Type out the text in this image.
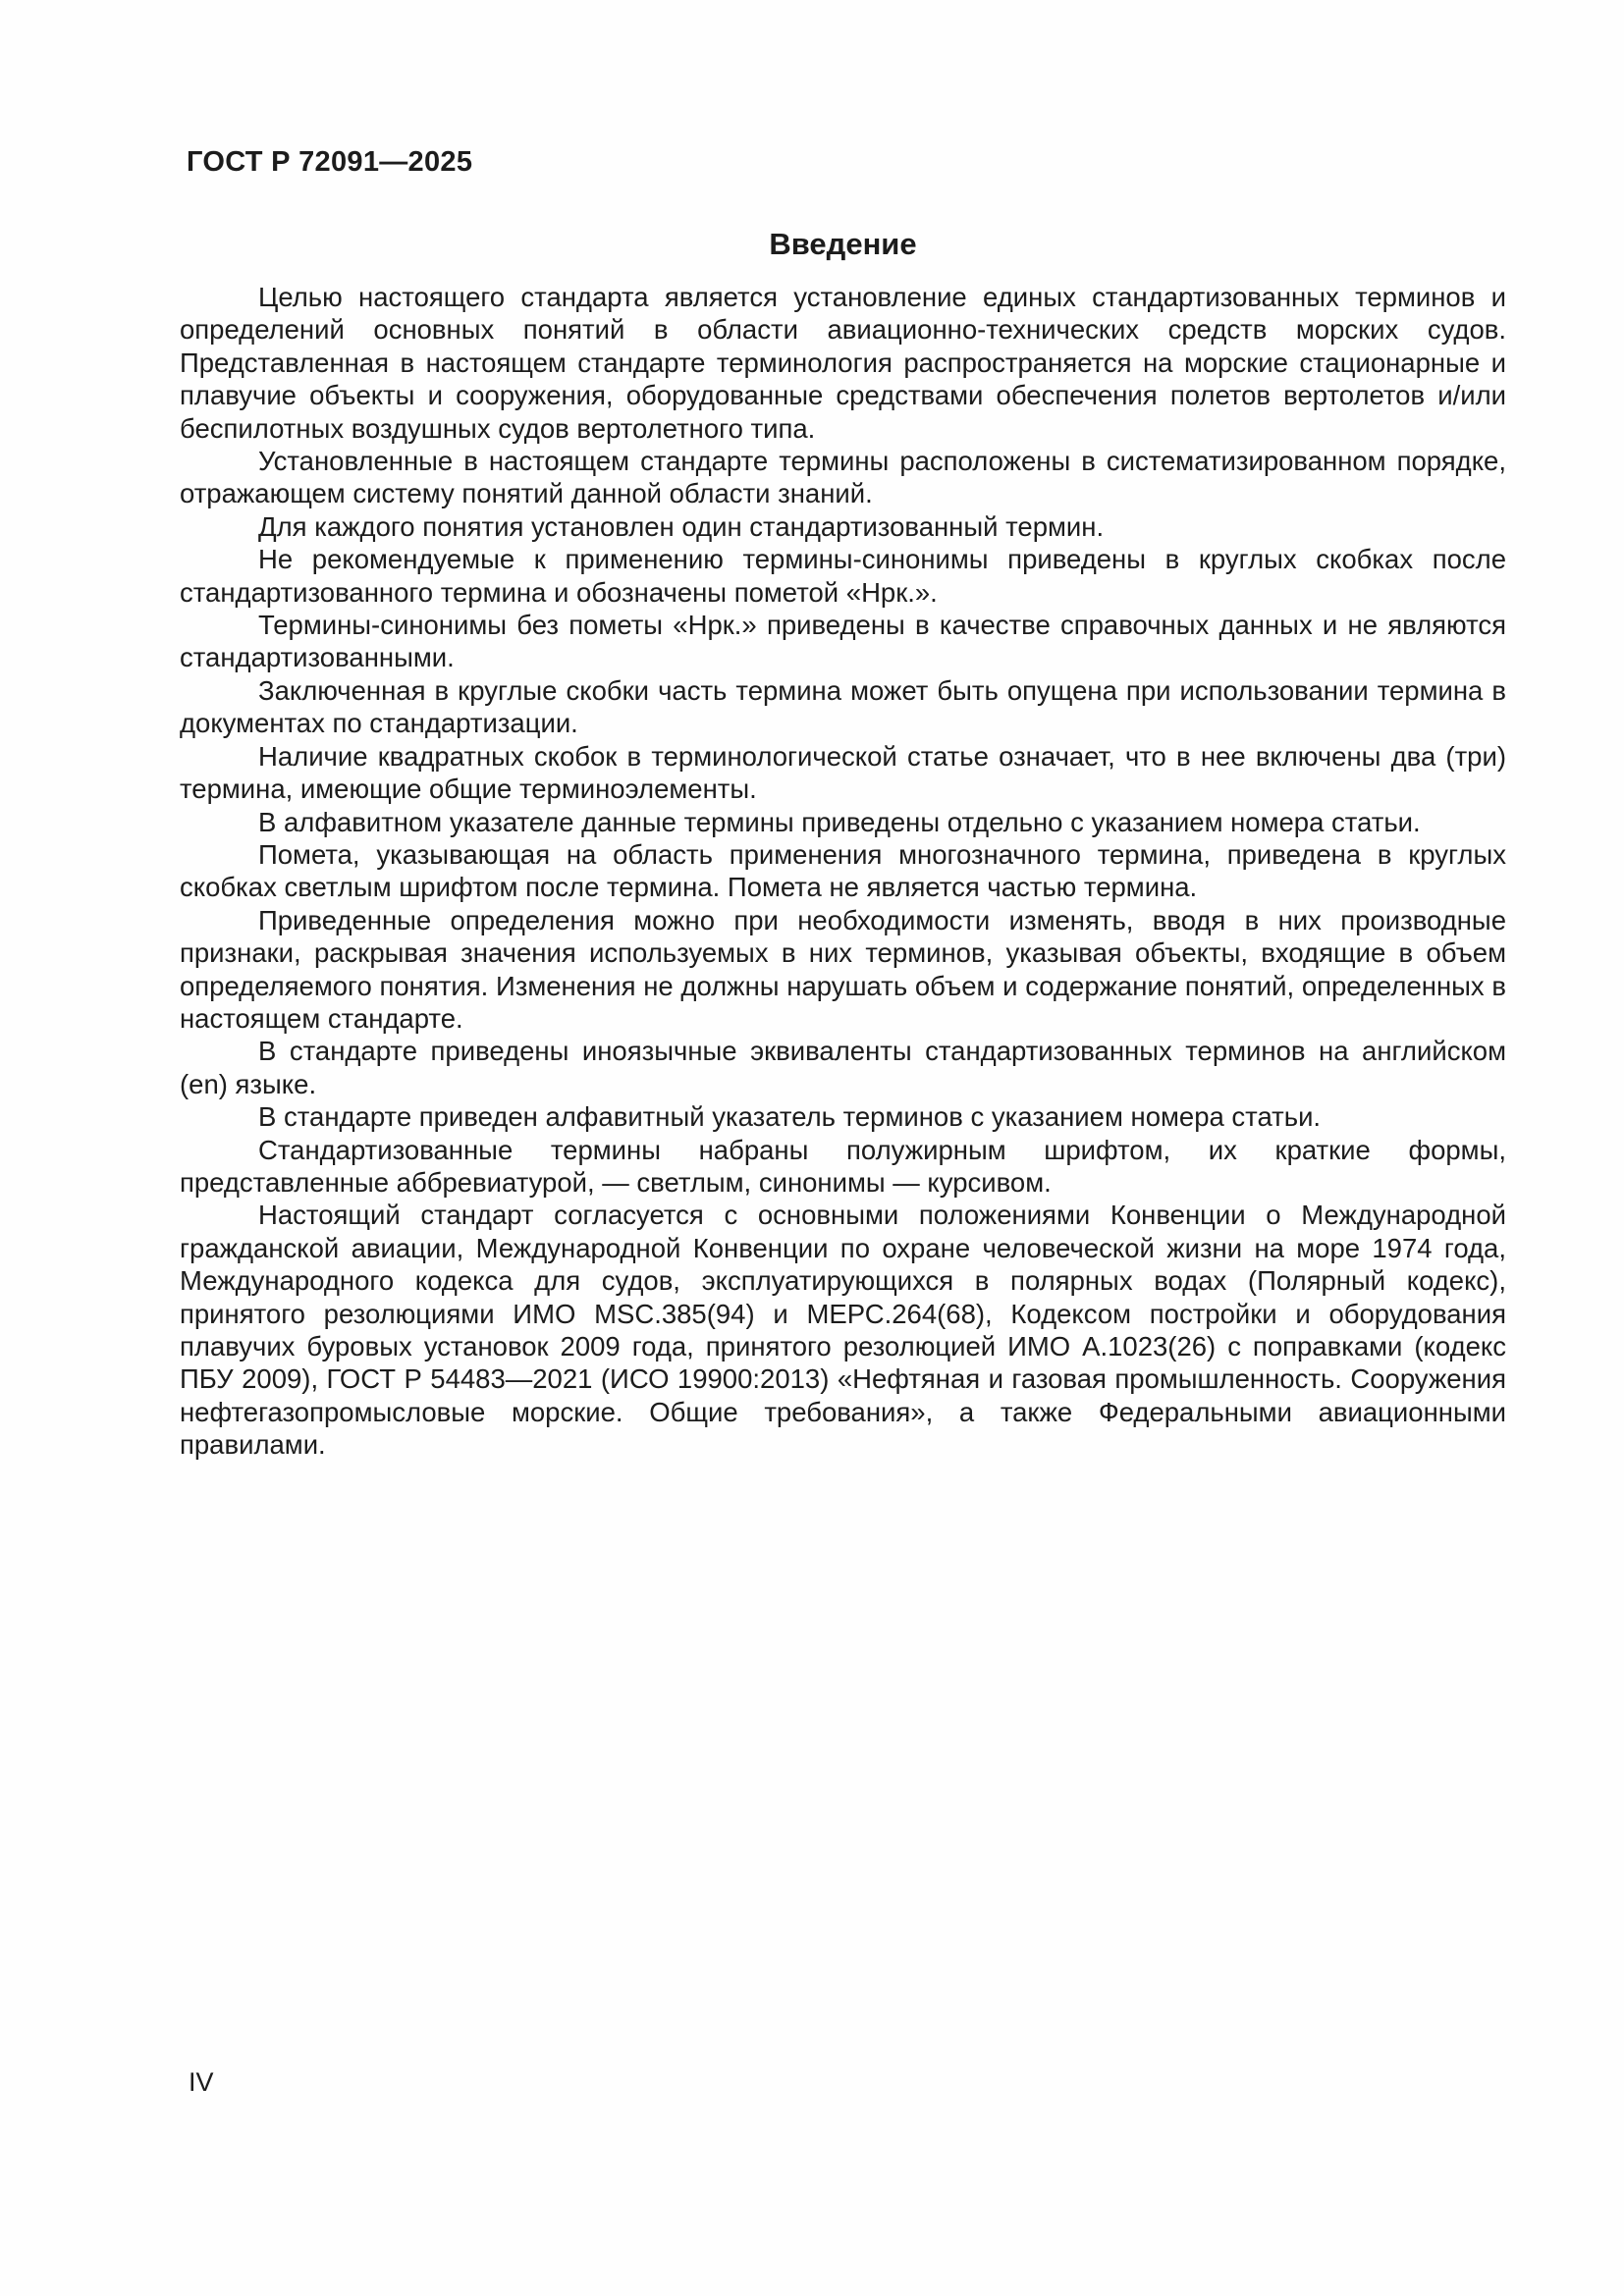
ГОСТ Р 72091—2025
Введение

Целью настоящего стандарта является установление единых стандартизованных терминов и определений основных понятий в области авиационно-технических средств морских судов. Представленная в настоящем стандарте терминология распространяется на морские стационарные и плавучие объекты и сооружения, оборудованные средствами обеспечения полетов вертолетов и/или беспилотных воздушных судов вертолетного типа.

Установленные в настоящем стандарте термины расположены в систематизированном порядке, отражающем систему понятий данной области знаний.

Для каждого понятия установлен один стандартизованный термин.

Не рекомендуемые к применению термины-синонимы приведены в круглых скобках после стандартизованного термина и обозначены пометой «Нрк.».

Термины-синонимы без пометы «Нрк.» приведены в качестве справочных данных и не являются стандартизованными.

Заключенная в круглые скобки часть термина может быть опущена при использовании термина в документах по стандартизации.

Наличие квадратных скобок в терминологической статье означает, что в нее включены два (три) термина, имеющие общие терминоэлементы.

В алфавитном указателе данные термины приведены отдельно с указанием номера статьи.

Помета, указывающая на область применения многозначного термина, приведена в круглых скобках светлым шрифтом после термина. Помета не является частью термина.

Приведенные определения можно при необходимости изменять, вводя в них производные признаки, раскрывая значения используемых в них терминов, указывая объекты, входящие в объем определяемого понятия. Изменения не должны нарушать объем и содержание понятий, определенных в настоящем стандарте.

В стандарте приведены иноязычные эквиваленты стандартизованных терминов на английском (en) языке.

В стандарте приведен алфавитный указатель терминов с указанием номера статьи.

Стандартизованные термины набраны полужирным шрифтом, их краткие формы, представленные аббревиатурой, — светлым, синонимы — курсивом.

Настоящий стандарт согласуется с основными положениями Конвенции о Международной гражданской авиации, Международной Конвенции по охране человеческой жизни на море 1974 года, Международного кодекса для судов, эксплуатирующихся в полярных водах (Полярный кодекс), принятого резолюциями ИМО MSC.385(94) и МЕРС.264(68), Кодексом постройки и оборудования плавучих буровых установок 2009 года, принятого резолюцией ИМО А.1023(26) с поправками (кодекс ПБУ 2009), ГОСТ Р 54483—2021 (ИСО 19900:2013) «Нефтяная и газовая промышленность. Сооружения нефтегазопромысловые морские. Общие требования», а также Федеральными авиационными правилами.

IV
